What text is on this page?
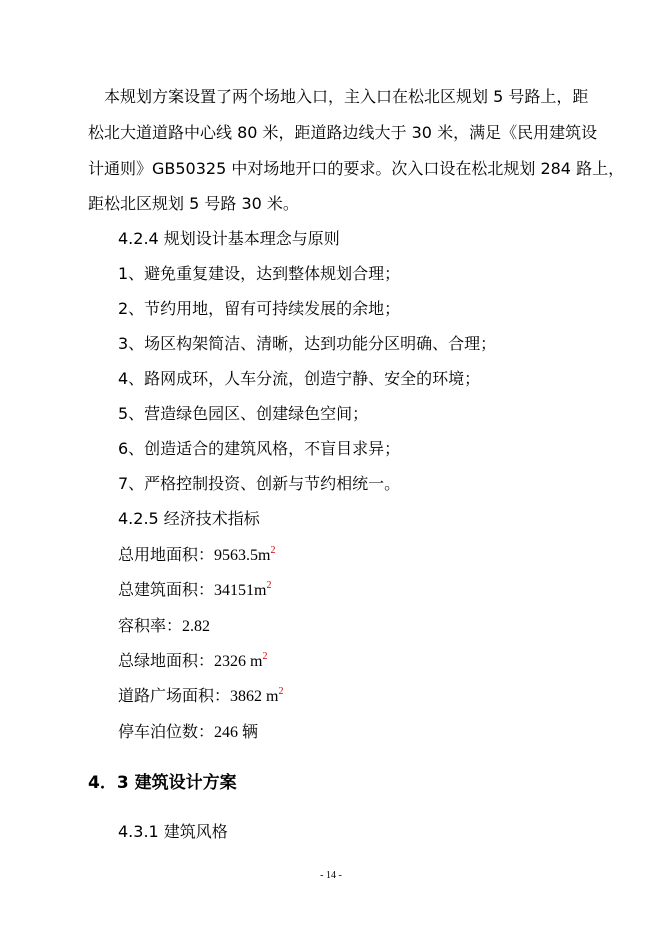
　本规划方案设置了两个场地入口，主入口在松北区规划 5 号路上，距
松北大道道路中心线 80 米，距道路边线大于 30 米，满足《民用建筑设
计通则》GB50325 中对场地开口的要求。次入口设在松北规划 284 路上，
距松北区规划 5 号路 30 米。
4.2.4 规划设计基本理念与原则
1、避免重复建设，达到整体规划合理；
2、节约用地，留有可持续发展的余地；
3、场区构架简洁、清晰，达到功能分区明确、合理；
4、路网成环，人车分流，创造宁静、安全的环境；
5、营造绿色园区、创建绿色空间；
6、创造适合的建筑风格，不盲目求异；
7、严格控制投资、创新与节约相统一。
4.2.5 经济技术指标
总用地面积：$9563.5m^2$
总建筑面积：$34151m^2$
容积率：2.82
总绿地面积：2326 $m^2$
道路广场面积：3862 $m^2$
停车泊位数：246 辆
4．3 建筑设计方案
4.3.1 建筑风格
- 14 -
